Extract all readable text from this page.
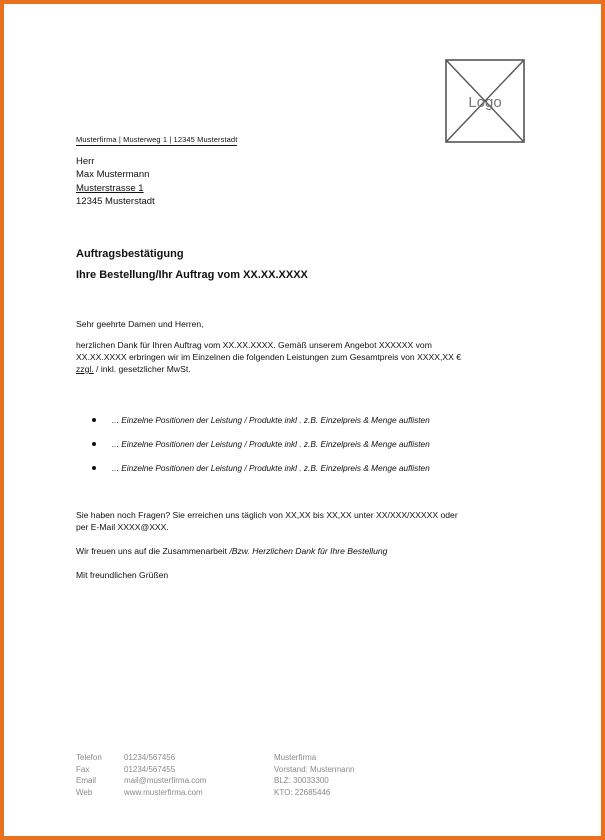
Logo
Musterfirma | Musterweg 1 | 12345 Musterstadt
Herr
Max Mustermann
Musterstrasse 1
12345 Musterstadt
Auftragsbestätigung
Ihre Bestellung/Ihr Auftrag vom XX.XX.XXXX

Sehr geehrte Damen und Herren,

herzlichen Dank für Ihren Auftrag vom XX.XX.XXXX. Gemäß unserem Angebot XXXXXX vom
XX.XX.XXXX erbringen wir im Einzelnen die folgenden Leistungen zum Gesamtpreis von XXXX,XX €
zzgl. / inkl. gesetzlicher MwSt.

... Einzelne Positionen der Leistung / Produkte inkl . z.B. Einzelpreis & Menge auflisten
... Einzelne Positionen der Leistung / Produkte inkl . z.B. Einzelpreis & Menge auflisten
... Einzelne Positionen der Leistung / Produkte inkl . z.B. Einzelpreis & Menge auflisten

Sie haben noch Fragen? Sie erreichen uns täglich von XX,XX bis XX,XX unter XX/XXX/XXXXX oder
per E-Mail XXXX@XXX.

Wir freuen uns auf die Zusammenarbeit /Bzw. Herzlichen Dank für Ihre Bestellung

Mit freundlichen Grüßen

Telefon
Fax
Email
Web
01234/567456
01234/567455
mail@musterfirma.com
www.musterfirma.com
Musterfirma
Vorstand: Mustermann
BLZ: 30033300
KTO: 22685446
